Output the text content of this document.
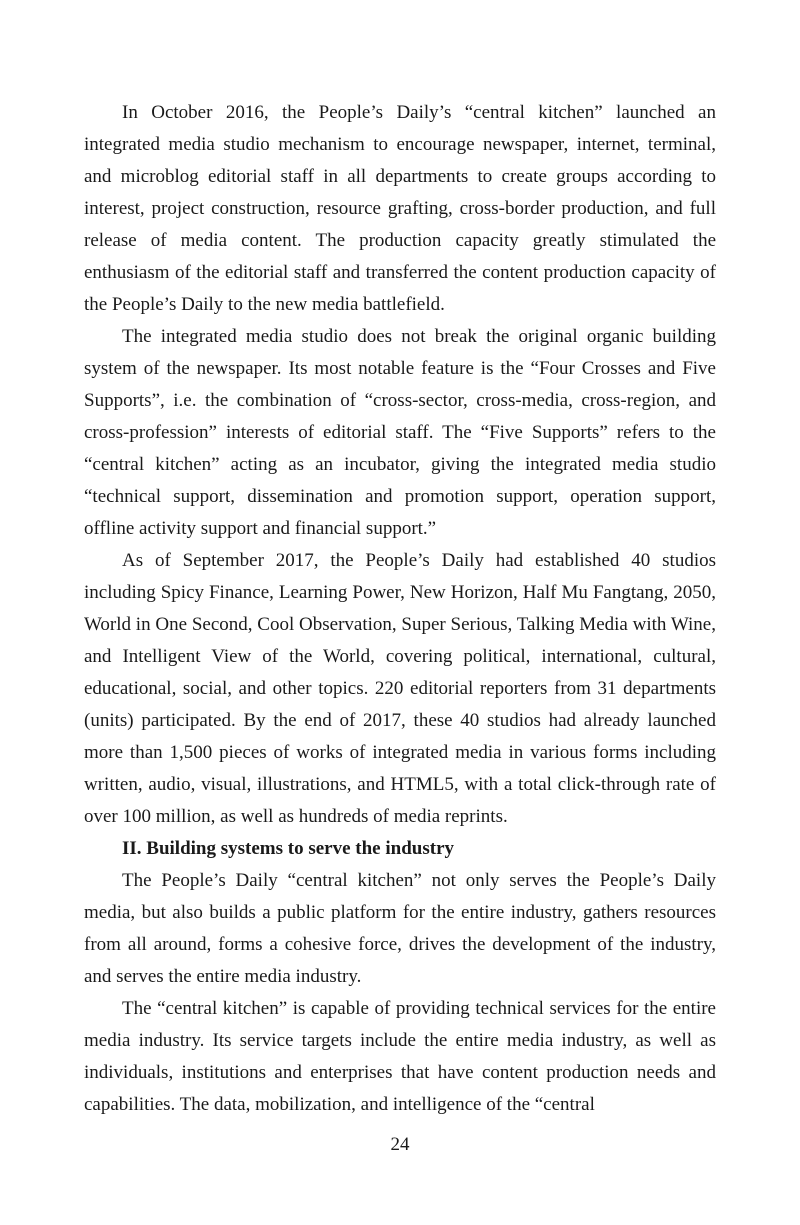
In October 2016, the People’s Daily’s “central kitchen” launched an integrated media studio mechanism to encourage newspaper, internet, terminal, and microblog editorial staff in all departments to create groups according to interest, project construction, resource grafting, cross-border production, and full release of media content. The production capacity greatly stimulated the enthusiasm of the editorial staff and transferred the content production capacity of the People’s Daily to the new media battlefield.

The integrated media studio does not break the original organic building system of the newspaper. Its most notable feature is the “Four Crosses and Five Supports”, i.e. the combination of “cross-sector, cross-media, cross-region, and cross-profession” interests of editorial staff. The “Five Supports” refers to the “central kitchen” acting as an incubator, giving the integrated media studio “technical support, dissemination and promotion support, operation support, offline activity support and financial support.”

As of September 2017, the People’s Daily had established 40 studios including Spicy Finance, Learning Power, New Horizon, Half Mu Fangtang, 2050, World in One Second, Cool Observation, Super Serious, Talking Media with Wine, and Intelligent View of the World, covering political, international, cultural, educational, social, and other topics. 220 editorial reporters from 31 departments (units) participated. By the end of 2017, these 40 studios had already launched more than 1,500 pieces of works of integrated media in various forms including written, audio, visual, illustrations, and HTML5, with a total click-through rate of over 100 million, as well as hundreds of media reprints.

II. Building systems to serve the industry

The People’s Daily “central kitchen” not only serves the People’s Daily media, but also builds a public platform for the entire industry, gathers resources from all around, forms a cohesive force, drives the development of the industry, and serves the entire media industry.

The “central kitchen” is capable of providing technical services for the entire media industry. Its service targets include the entire media industry, as well as individuals, institutions and enterprises that have content production needs and capabilities. The data, mobilization, and intelligence of the “central

24
